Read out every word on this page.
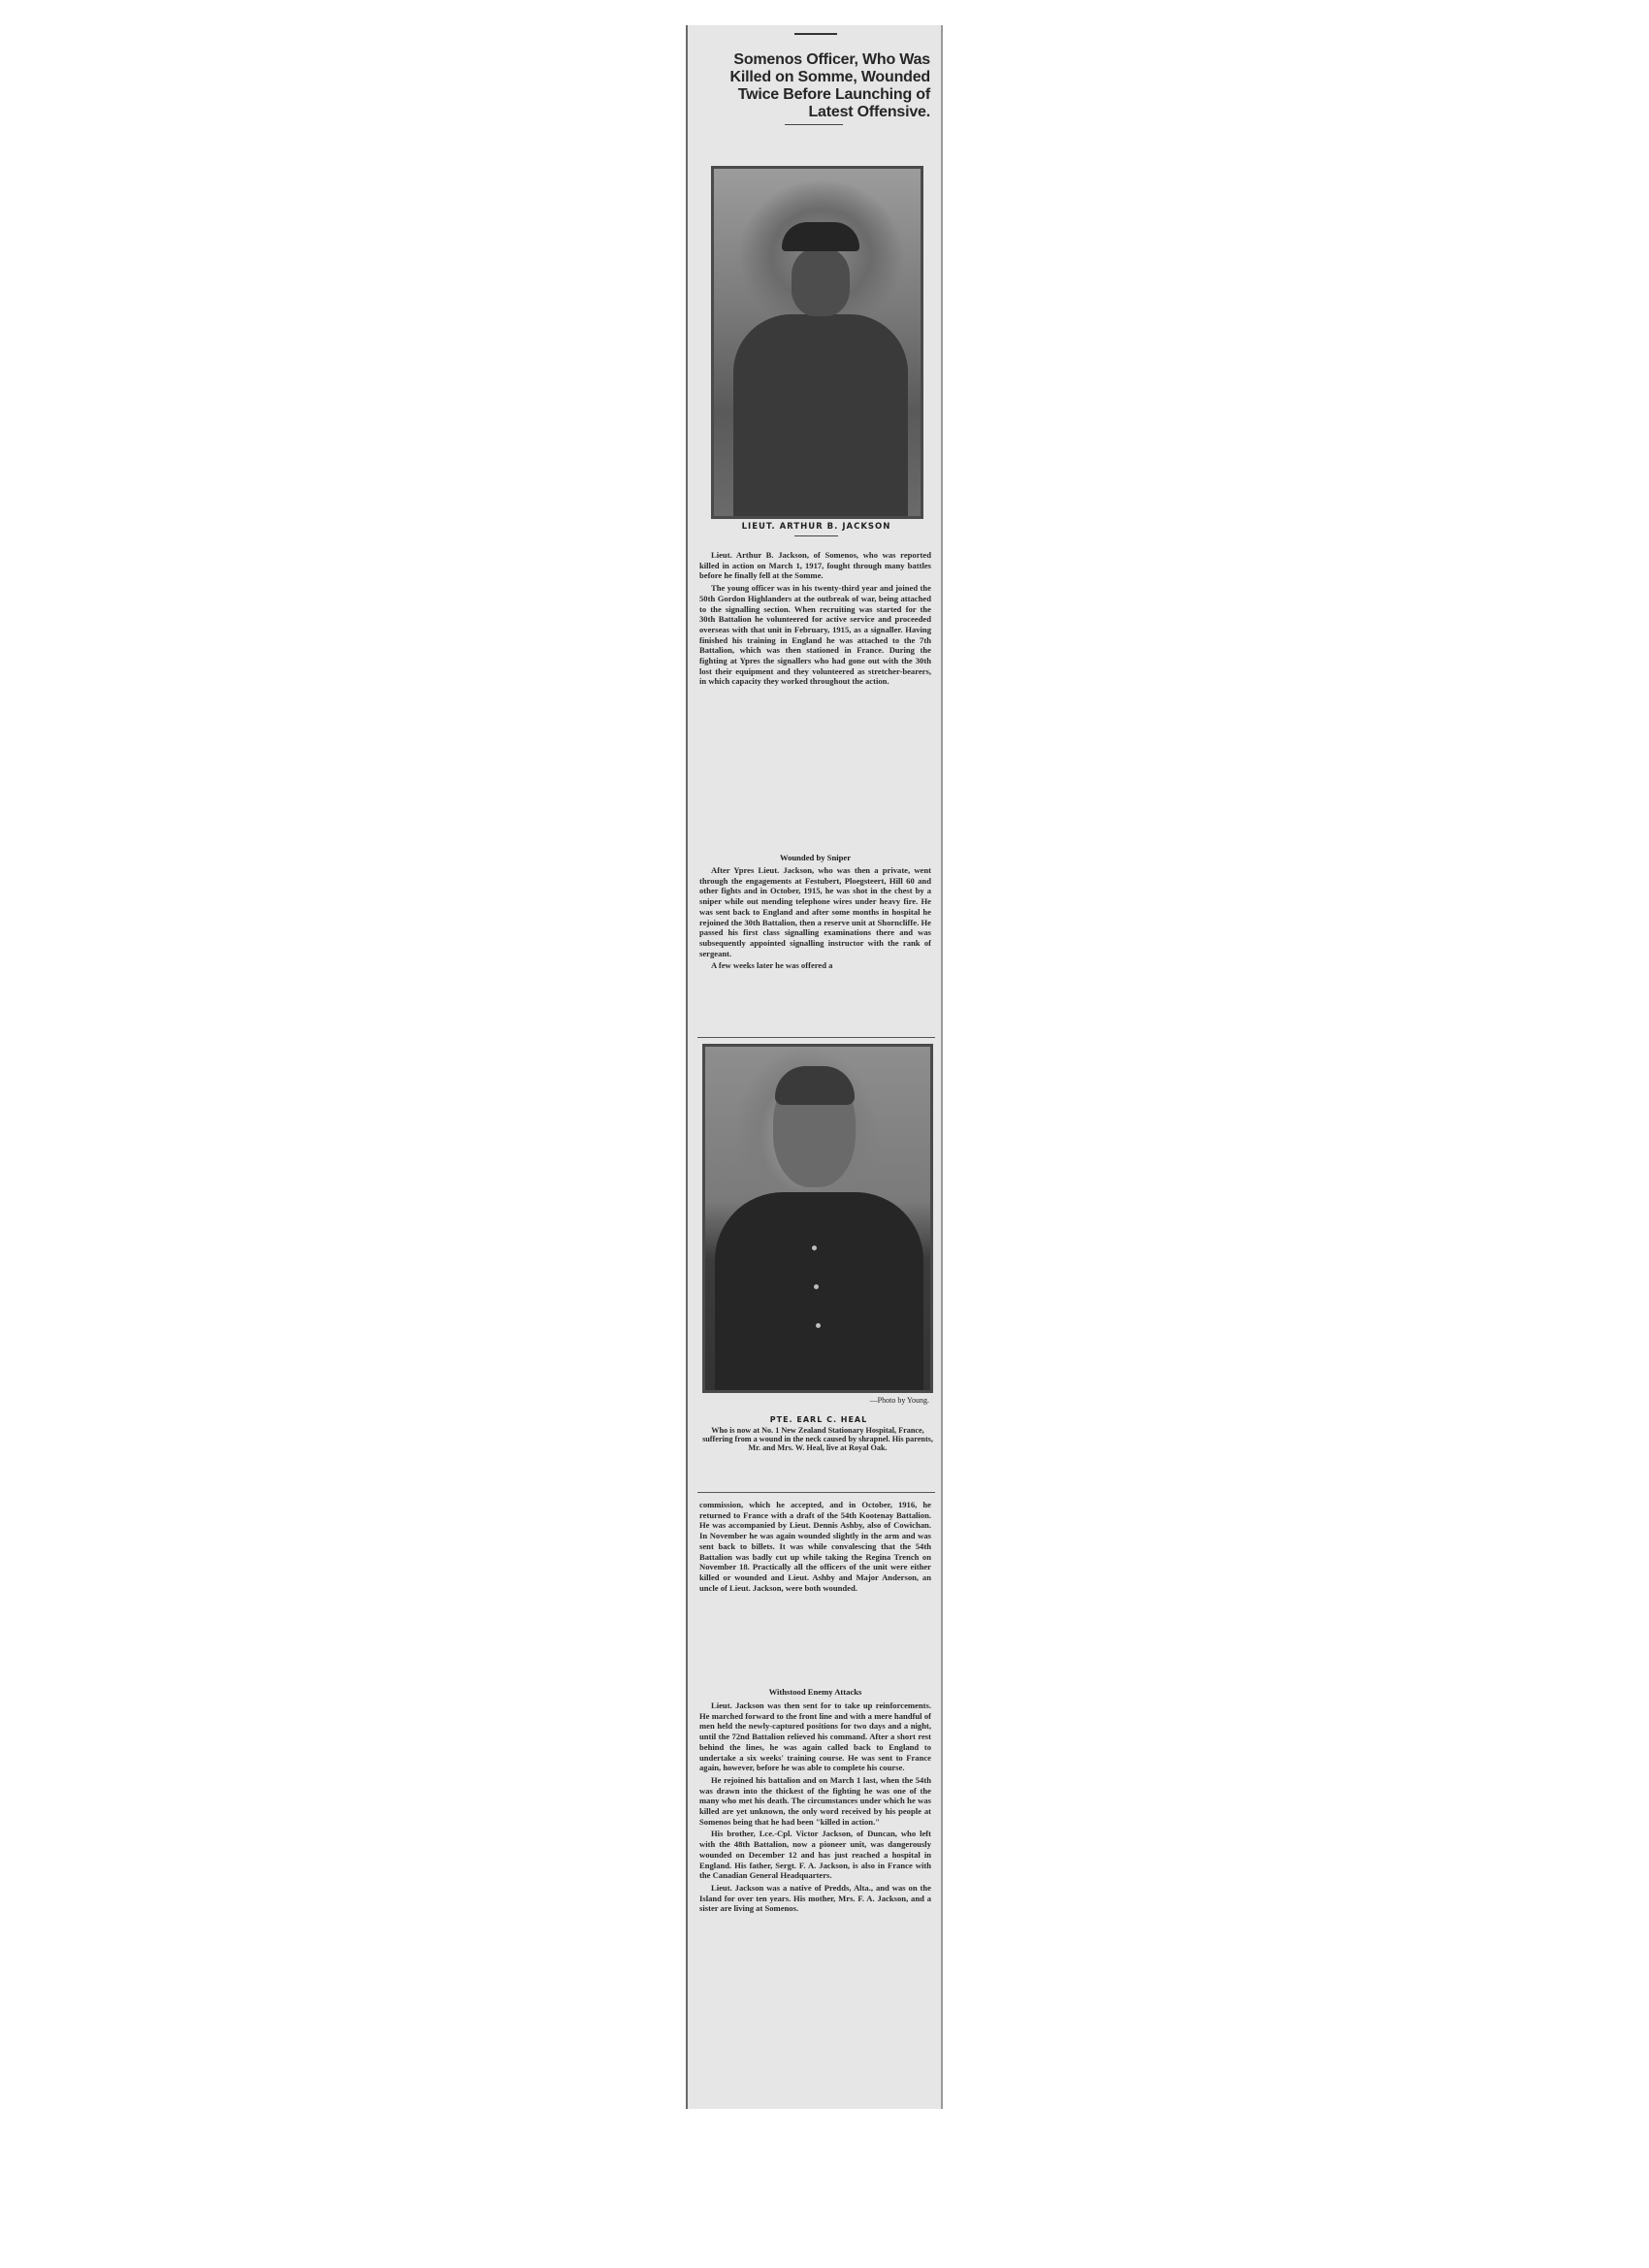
Somenos Officer, Who Was
Killed on Somme, Wounded
Twice Before Launching of
Latest Offensive.

LIEUT. ARTHUR B. JACKSON

Lieut. Arthur B. Jackson, of Somenos, who was reported killed in action on March 1, 1917, fought through many battles before he finally fell at the Somme.

The young officer was in his twenty-third year and joined the 50th Gordon Highlanders at the outbreak of war, being attached to the signalling section. When recruiting was started for the 30th Battalion he volunteered for active service and proceeded overseas with that unit in February, 1915, as a signaller. Having finished his training in England he was attached to the 7th Battalion, which was then stationed in France. During the fighting at Ypres the signallers who had gone out with the 30th lost their equipment and they volunteered as stretcher-bearers, in which capacity they worked throughout the action.

Wounded by Sniper

After Ypres Lieut. Jackson, who was then a private, went through the engagements at Festubert, Ploegsteert, Hill 60 and other fights and in October, 1915, he was shot in the chest by a sniper while out mending telephone wires under heavy fire. He was sent back to England and after some months in hospital he rejoined the 30th Battalion, then a reserve unit at Shorncliffe. He passed his first class signalling examinations there and was subsequently appointed signalling instructor with the rank of sergeant.

A few weeks later he was offered a

—Photo by Young.

PTE. EARL C. HEAL

Who is now at No. 1 New Zealand Stationary Hospital, France, suffering from a wound in the neck caused by shrapnel. His parents, Mr. and Mrs. W. Heal, live at Royal Oak.

commission, which he accepted, and in October, 1916, he returned to France with a draft of the 54th Kootenay Battalion. He was accompanied by Lieut. Dennis Ashby, also of Cowichan. In November he was again wounded slightly in the arm and was sent back to billets. It was while convalescing that the 54th Battalion was badly cut up while taking the Regina Trench on November 18. Practically all the officers of the unit were either killed or wounded and Lieut. Ashby and Major Anderson, an uncle of Lieut. Jackson, were both wounded.

Withstood Enemy Attacks

Lieut. Jackson was then sent for to take up reinforcements. He marched forward to the front line and with a mere handful of men held the newly-captured positions for two days and a night, until the 72nd Battalion relieved his command. After a short rest behind the lines, he was again called back to England to undertake a six weeks' training course. He was sent to France again, however, before he was able to complete his course.

He rejoined his battalion and on March 1 last, when the 54th was drawn into the thickest of the fighting he was one of the many who met his death. The circumstances under which he was killed are yet unknown, the only word received by his people at Somenos being that he had been "killed in action."

His brother, Lce.-Cpl. Victor Jackson, of Duncan, who left with the 48th Battalion, now a pioneer unit, was dangerously wounded on December 12 and has just reached a hospital in England. His father, Sergt. F. A. Jackson, is also in France with the Canadian General Headquarters.

Lieut. Jackson was a native of Predds, Alta., and was on the Island for over ten years. His mother, Mrs. F. A. Jackson, and a sister are living at Somenos.
